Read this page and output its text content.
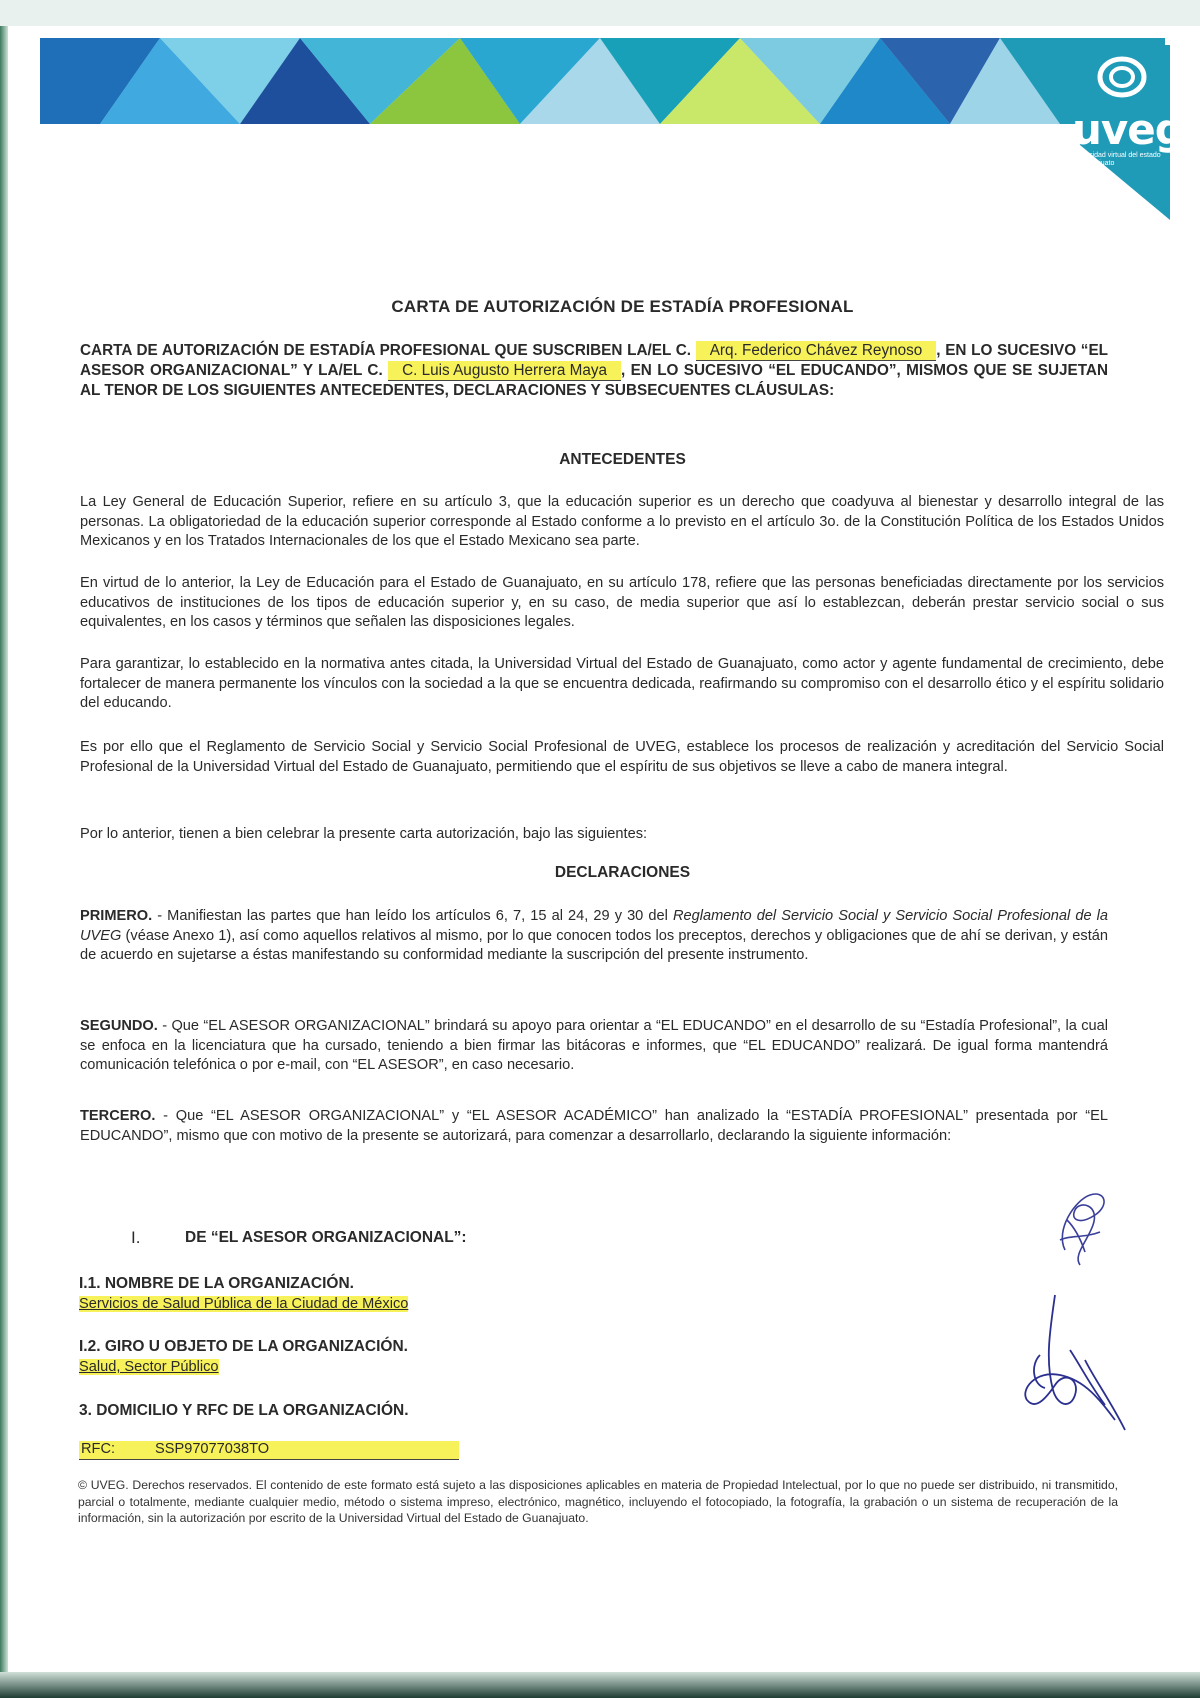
uveg
universidad virtual del estado de guanajuato
CARTA DE AUTORIZACIÓN DE ESTADÍA PROFESIONAL
CARTA DE AUTORIZACIÓN DE ESTADÍA PROFESIONAL QUE SUSCRIBEN LA/EL C. Arq. Federico Chávez Reynoso , EN LO SUCESIVO “EL ASESOR ORGANIZACIONAL” Y LA/EL C. C. Luis Augusto Herrera Maya , EN LO SUCESIVO “EL EDUCANDO”, MISMOS QUE SE SUJETAN AL TENOR DE LOS SIGUIENTES ANTECEDENTES, DECLARACIONES Y SUBSECUENTES CLÁUSULAS:
ANTECEDENTES
La Ley General de Educación Superior, refiere en su artículo 3, que la educación superior es un derecho que coadyuva al bienestar y desarrollo integral de las personas. La obligatoriedad de la educación superior corresponde al Estado conforme a lo previsto en el artículo 3o. de la Constitución Política de los Estados Unidos Mexicanos y en los Tratados Internacionales de los que el Estado Mexicano sea parte.
En virtud de lo anterior, la Ley de Educación para el Estado de Guanajuato, en su artículo 178, refiere que las personas beneficiadas directamente por los servicios educativos de instituciones de los tipos de educación superior y, en su caso, de media superior que así lo establezcan, deberán prestar servicio social o sus equivalentes, en los casos y términos que señalen las disposiciones legales.
Para garantizar, lo establecido en la normativa antes citada, la Universidad Virtual del Estado de Guanajuato, como actor y agente fundamental de crecimiento, debe fortalecer de manera permanente los vínculos con la sociedad a la que se encuentra dedicada, reafirmando su compromiso con el desarrollo ético y el espíritu solidario del educando.
Es por ello que el Reglamento de Servicio Social y Servicio Social Profesional de UVEG, establece los procesos de realización y acreditación del Servicio Social Profesional de la Universidad Virtual del Estado de Guanajuato, permitiendo que el espíritu de sus objetivos se lleve a cabo de manera integral.
Por lo anterior, tienen a bien celebrar la presente carta autorización, bajo las siguientes:
DECLARACIONES
PRIMERO. - Manifiestan las partes que han leído los artículos 6, 7, 15 al 24, 29 y 30 del Reglamento del Servicio Social y Servicio Social Profesional de la UVEG (véase Anexo 1), así como aquellos relativos al mismo, por lo que conocen todos los preceptos, derechos y obligaciones que de ahí se derivan, y están de acuerdo en sujetarse a éstas manifestando su conformidad mediante la suscripción del presente instrumento.
SEGUNDO. - Que “EL ASESOR ORGANIZACIONAL” brindará su apoyo para orientar a “EL EDUCANDO” en el desarrollo de su “Estadía Profesional”, la cual se enfoca en la licenciatura que ha cursado, teniendo a bien firmar las bitácoras e informes, que “EL EDUCANDO” realizará. De igual forma mantendrá comunicación telefónica o por e-mail, con “EL ASESOR”, en caso necesario.
TERCERO. - Que “EL ASESOR ORGANIZACIONAL” y “EL ASESOR ACADÉMICO” han analizado la “ESTADÍA PROFESIONAL” presentada por “EL EDUCANDO”, mismo que con motivo de la presente se autorizará, para comenzar a desarrollarlo, declarando la siguiente información:
I.	DE “EL ASESOR ORGANIZACIONAL”:
I.1. NOMBRE DE LA ORGANIZACIÓN.
Servicios de Salud Pública de la Ciudad de México
I.2. GIRO U OBJETO DE LA ORGANIZACIÓN.
Salud, Sector Público
3. DOMICILIO Y RFC DE LA ORGANIZACIÓN.
RFC:	SSP97077038TO
© UVEG. Derechos reservados. El contenido de este formato está sujeto a las disposiciones aplicables en materia de Propiedad Intelectual, por lo que no puede ser distribuido, ni transmitido, parcial o totalmente, mediante cualquier medio, método o sistema impreso, electrónico, magnético, incluyendo el fotocopiado, la fotografía, la grabación o un sistema de recuperación de la información, sin la autorización por escrito de la Universidad Virtual del Estado de Guanajuato.
